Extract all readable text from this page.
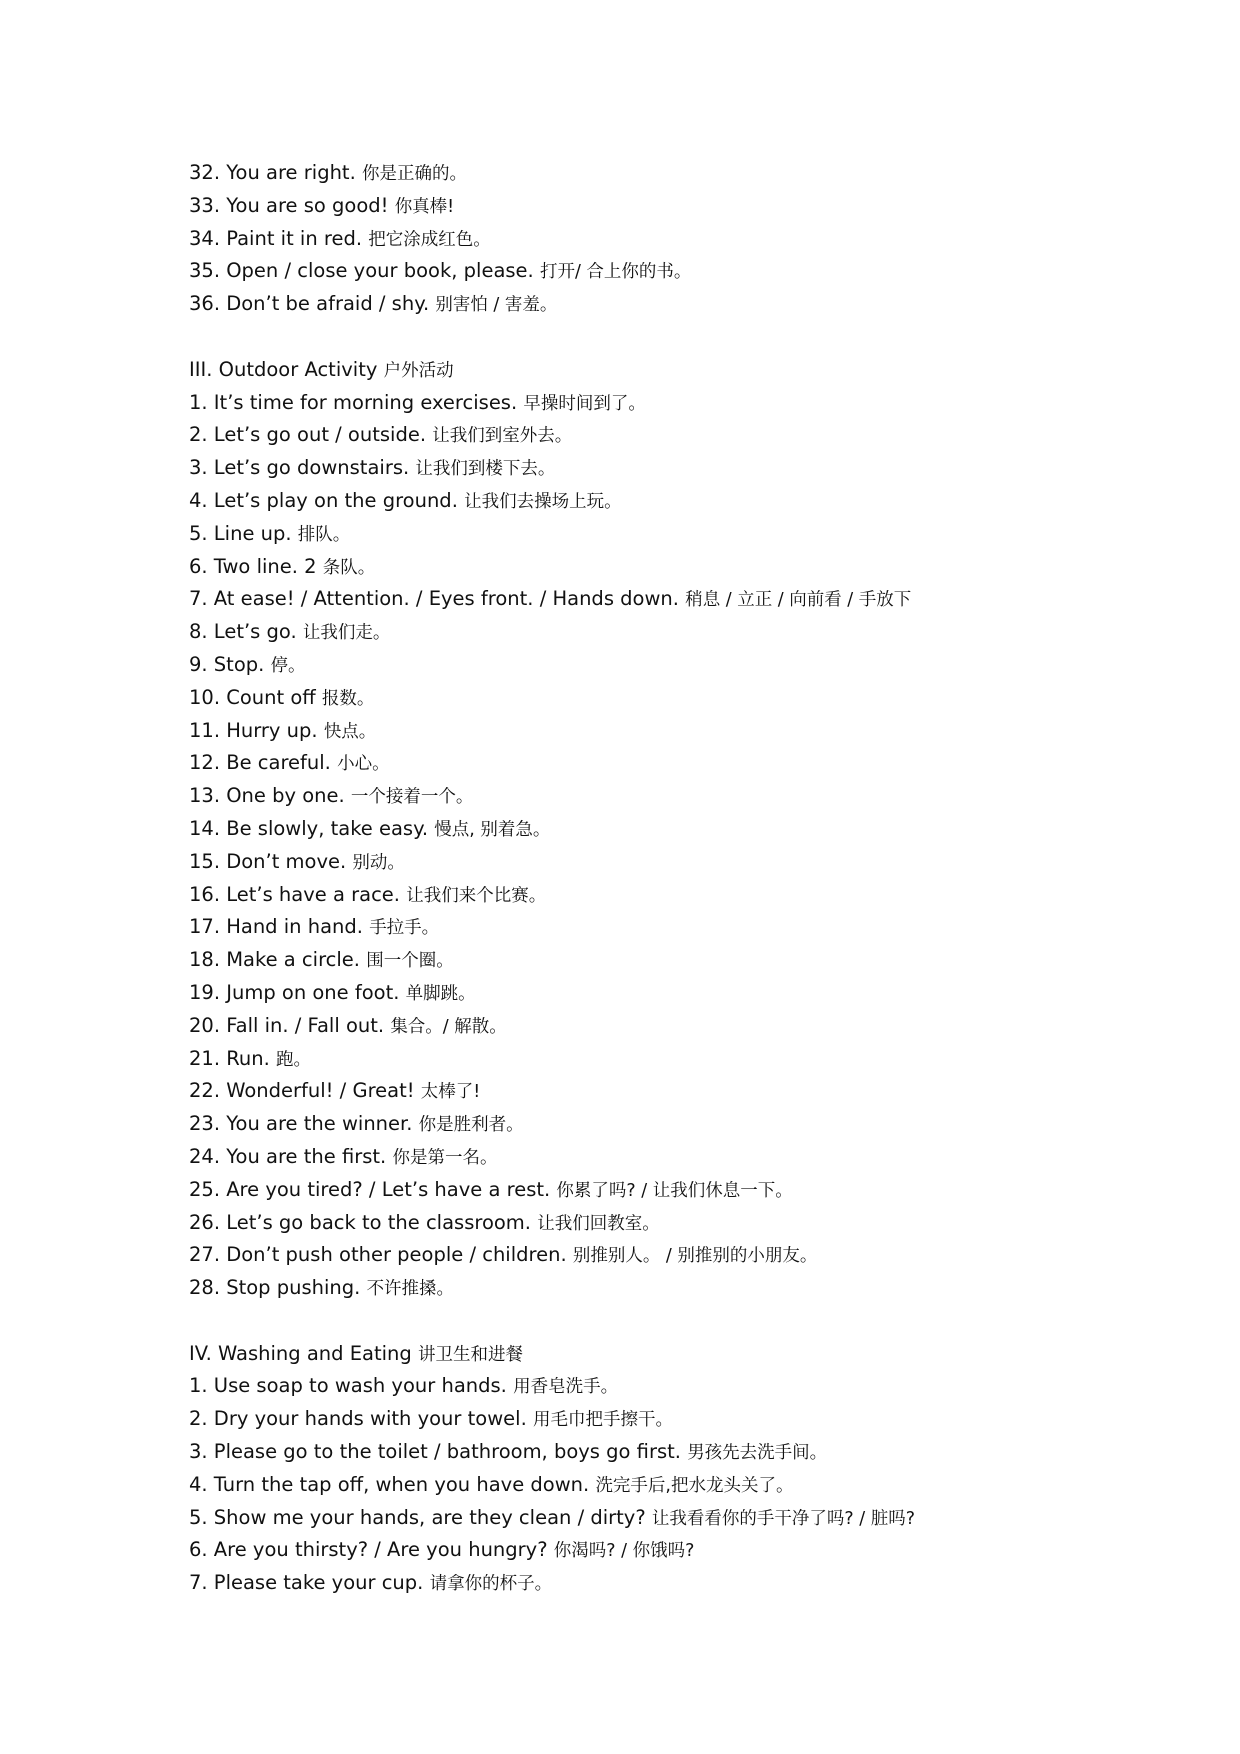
32. You are right. 你是正确的。
33. You are so good! 你真棒!
34. Paint it in red. 把它涂成红色。
35. Open / close your book, please. 打开/ 合上你的书。
36. Don’t be afraid / shy. 别害怕 / 害羞。
III. Outdoor Activity 户外活动
1. It’s time for morning exercises. 早操时间到了。
2. Let’s go out / outside. 让我们到室外去。
3. Let’s go downstairs. 让我们到楼下去。
4. Let’s play on the ground. 让我们去操场上玩。
5. Line up. 排队。
6. Two line. 2 条队。
7. At ease! / Attention. / Eyes front. / Hands down. 稍息 / 立正 / 向前看 / 手放下
8. Let’s go. 让我们走。
9. Stop. 停。
10. Count off 报数。
11. Hurry up. 快点。
12. Be careful. 小心。
13. One by one. 一个接着一个。
14. Be slowly, take easy. 慢点, 别着急。
15. Don’t move. 别动。
16. Let’s have a race. 让我们来个比赛。
17. Hand in hand. 手拉手。
18. Make a circle. 围一个圈。
19. Jump on one foot. 单脚跳。
20. Fall in. / Fall out. 集合。/ 解散。
21. Run. 跑。
22. Wonderful! / Great! 太棒了!
23. You are the winner. 你是胜利者。
24. You are the first. 你是第一名。
25. Are you tired? / Let’s have a rest. 你累了吗? / 让我们休息一下。
26. Let’s go back to the classroom. 让我们回教室。
27. Don’t push other people / children. 别推别人。 / 别推别的小朋友。
28. Stop pushing. 不许推搡。
IV. Washing and Eating 讲卫生和进餐
1. Use soap to wash your hands. 用香皂洗手。
2. Dry your hands with your towel. 用毛巾把手擦干。
3. Please go to the toilet / bathroom, boys go first. 男孩先去洗手间。
4. Turn the tap off, when you have down. 洗完手后,把水龙头关了。
5. Show me your hands, are they clean / dirty? 让我看看你的手干净了吗? / 脏吗?
6. Are you thirsty? / Are you hungry? 你渴吗? / 你饿吗?
7. Please take your cup. 请拿你的杯子。
